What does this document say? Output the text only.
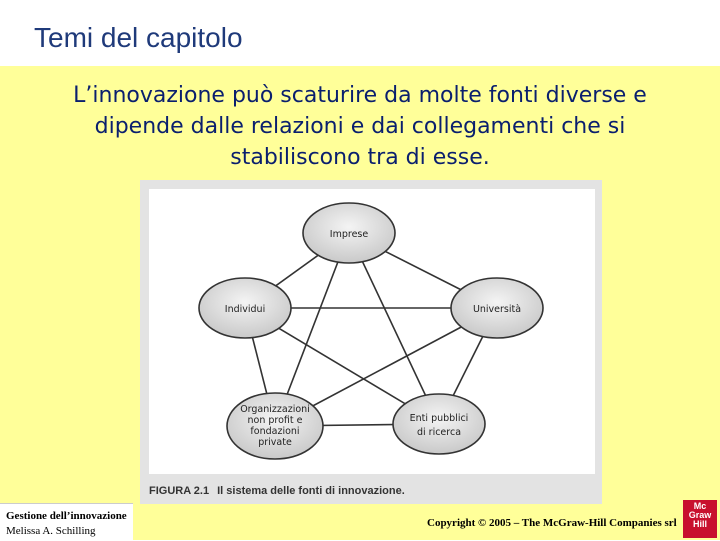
Temi del capitolo
L’innovazione può scaturire da molte fonti diverse e dipende dalle relazioni e dai collegamenti che si stabiliscono tra di esse.
Imprese
Individui	Università
Organizzazioni
non profit e
fondazioni
private
Enti pubblici
di ricerca
FIGURA 2.1 Il sistema delle fonti di innovazione.
Gestione dell’innovazione
Melissa A. Schilling
Copyright © 2005 – The McGraw-Hill Companies srl
Mc
Graw
Hill
